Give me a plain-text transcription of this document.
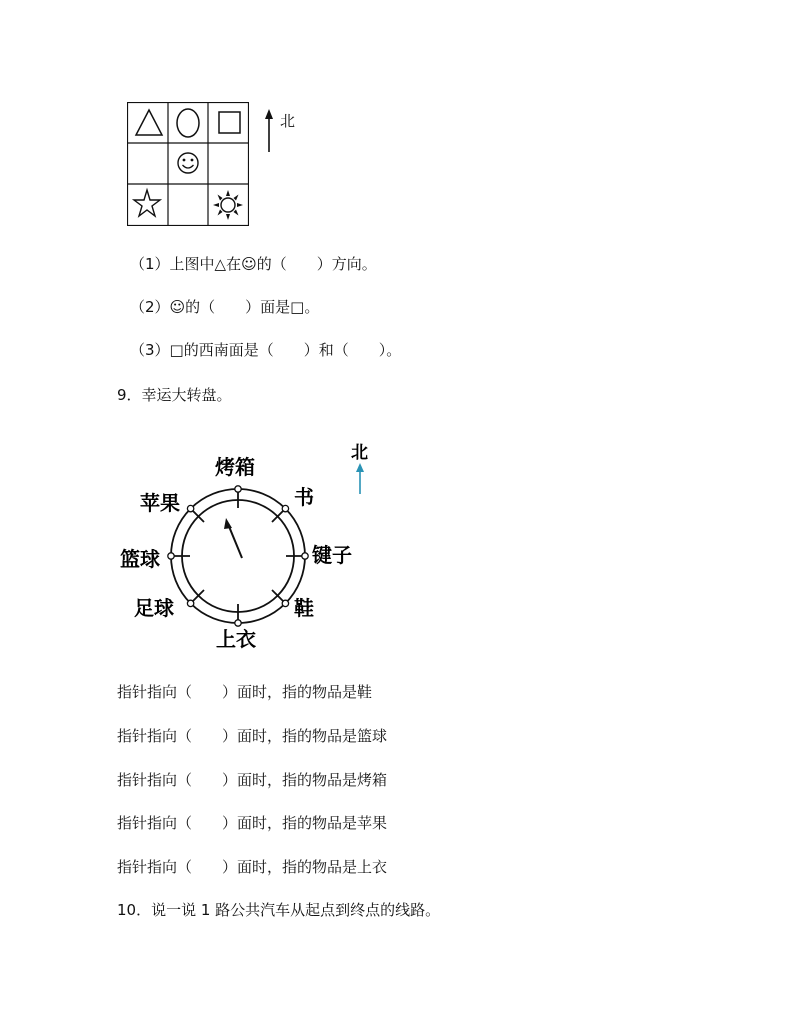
北
（1）上图中△在☺的（　　）方向。
（2）☺的（　　）面是□。
（3）□的西南面是（　　）和（　　）。
9．幸运大转盘。
烤箱
书
键子
鞋
上衣
足球
篮球
苹果
北
指针指向（　　）面时，指的物品是鞋
指针指向（　　）面时，指的物品是篮球
指针指向（　　）面时，指的物品是烤箱
指针指向（　　）面时，指的物品是苹果
指针指向（　　）面时，指的物品是上衣
10．说一说 1 路公共汽车从起点到终点的线路。
